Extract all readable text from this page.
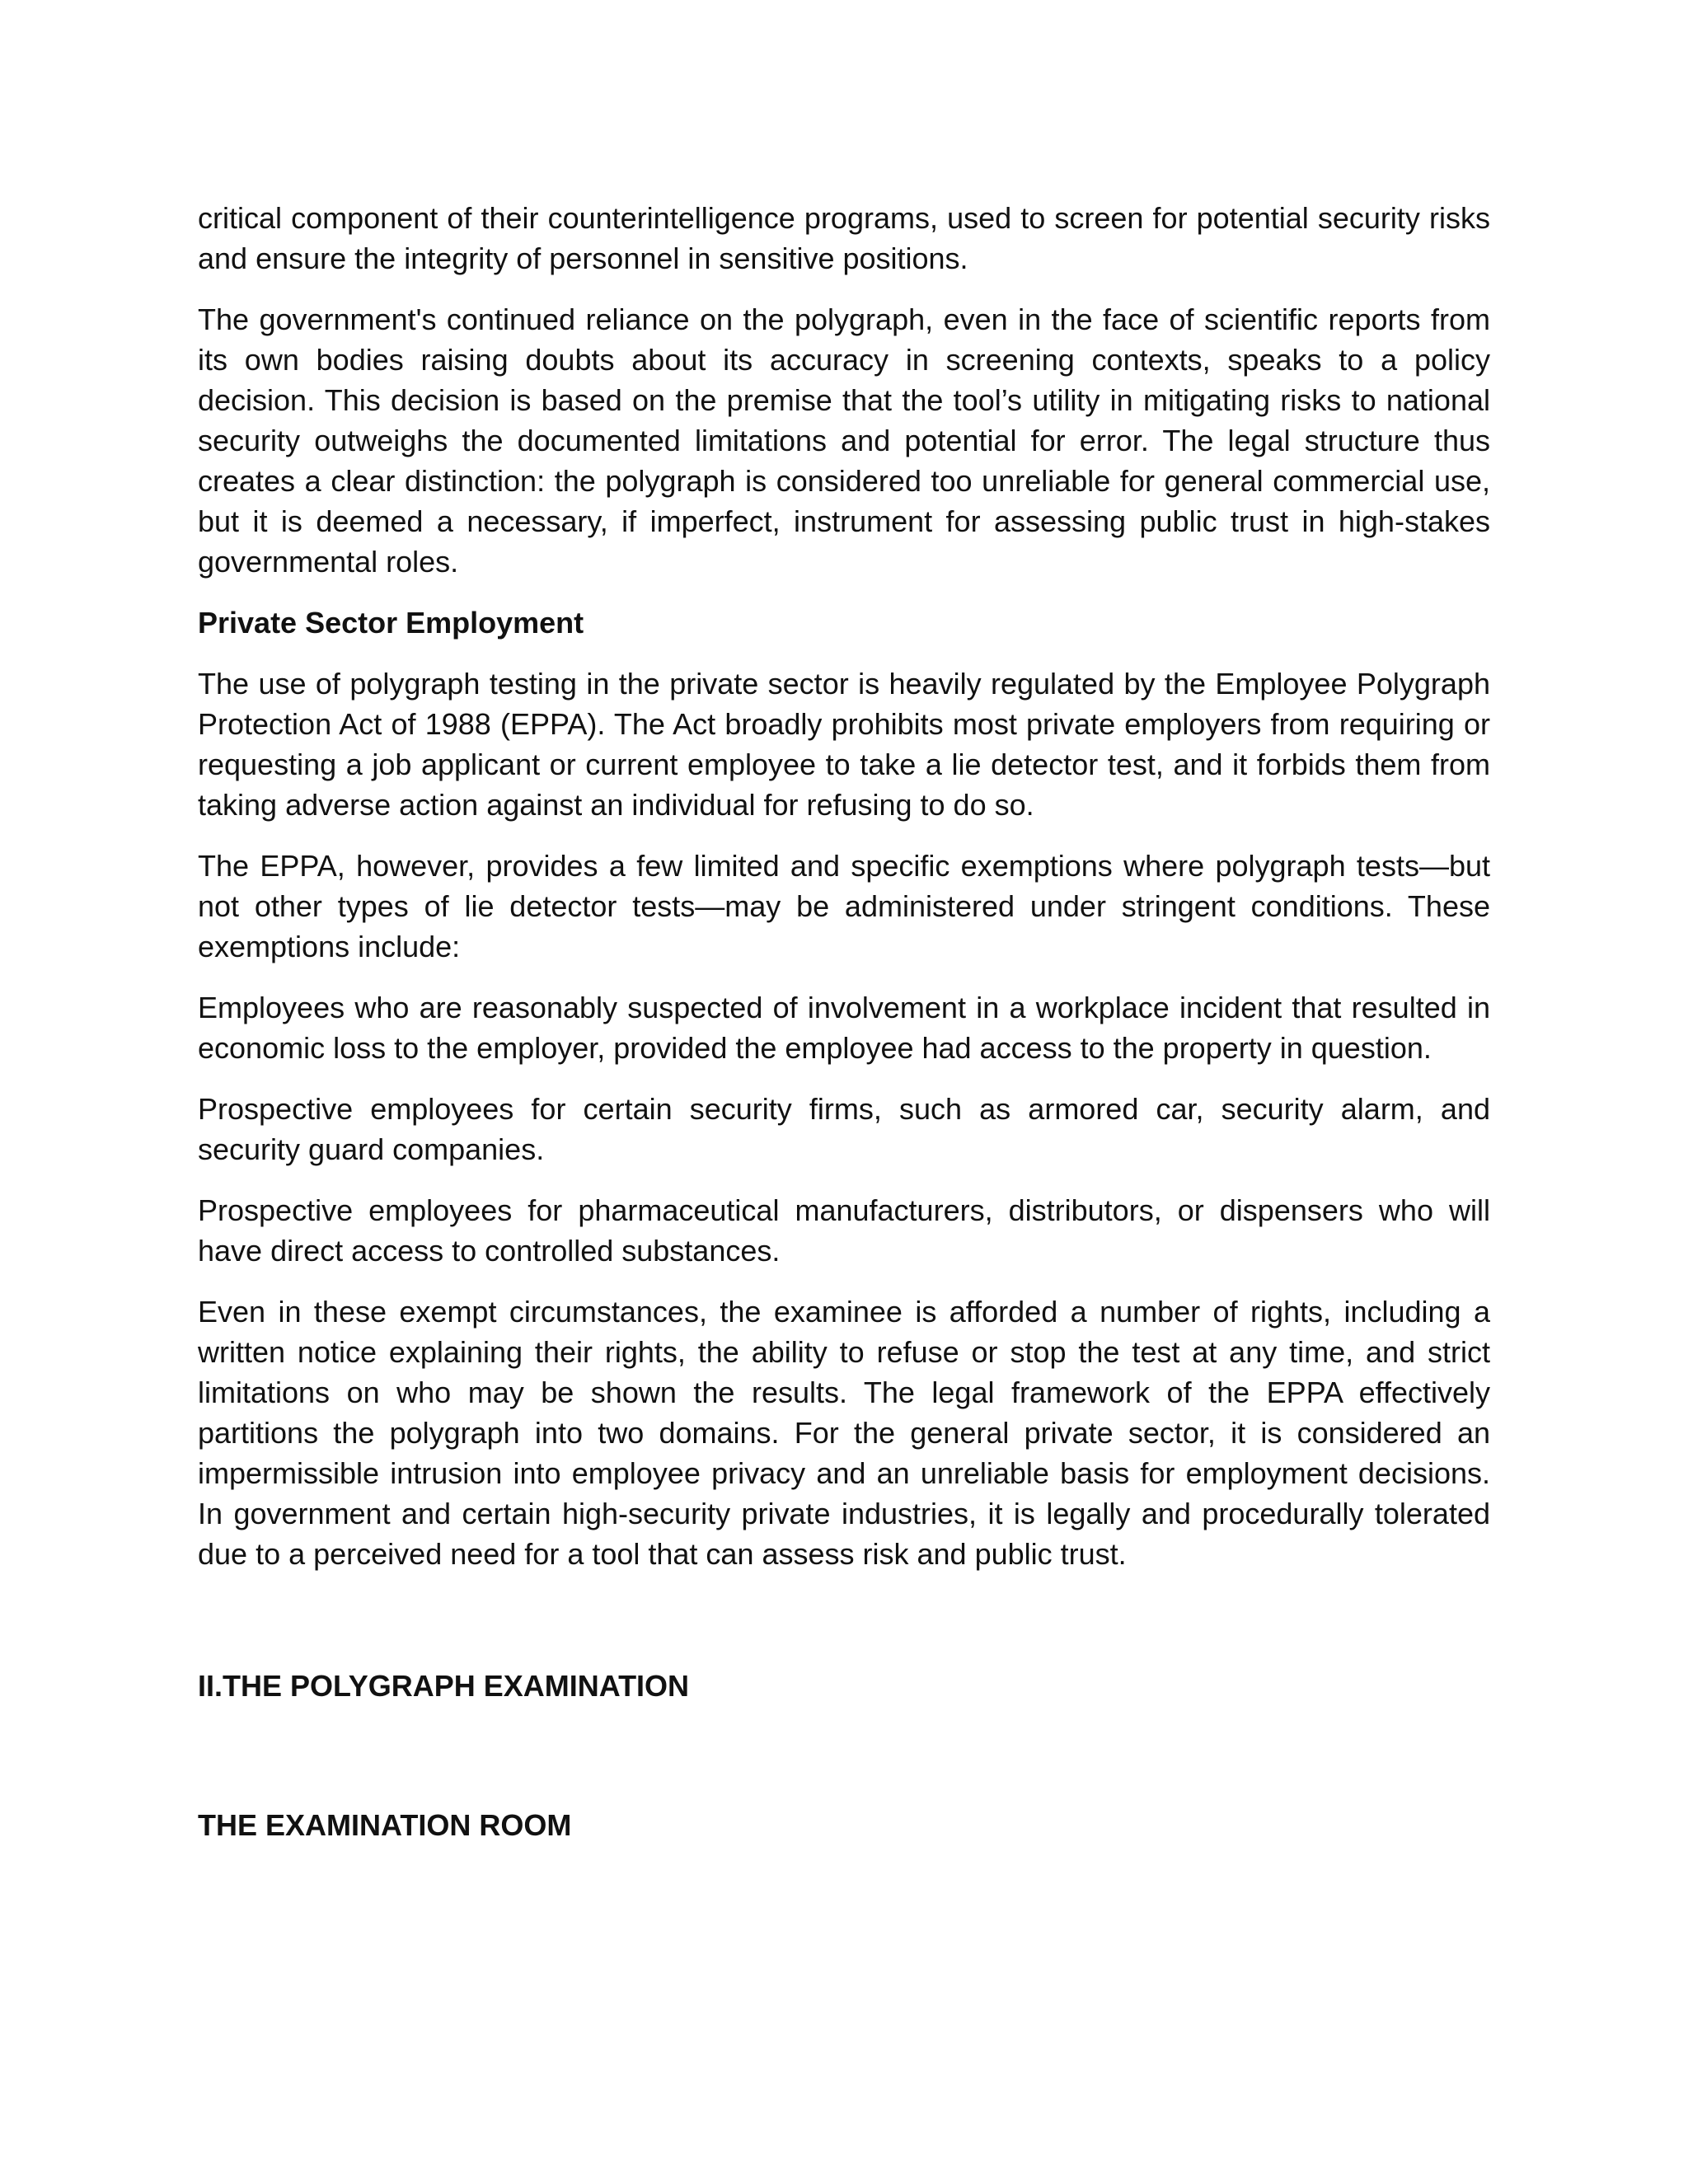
critical component of their counterintelligence programs, used to screen for potential security risks and ensure the integrity of personnel in sensitive positions.

The government's continued reliance on the polygraph, even in the face of scientific reports from its own bodies raising doubts about its accuracy in screening contexts, speaks to a policy decision. This decision is based on the premise that the tool’s utility in mitigating risks to national security outweighs the documented limitations and potential for error. The legal structure thus creates a clear distinction: the polygraph is considered too unreliable for general commercial use, but it is deemed a necessary, if imperfect, instrument for assessing public trust in high-stakes governmental roles.

Private Sector Employment

The use of polygraph testing in the private sector is heavily regulated by the Employee Polygraph Protection Act of 1988 (EPPA). The Act broadly prohibits most private employers from requiring or requesting a job applicant or current employee to take a lie detector test, and it forbids them from taking adverse action against an individual for refusing to do so.

The EPPA, however, provides a few limited and specific exemptions where polygraph tests—but not other types of lie detector tests—may be administered under stringent conditions. These exemptions include:

Employees who are reasonably suspected of involvement in a workplace incident that resulted in economic loss to the employer, provided the employee had access to the property in question.

Prospective employees for certain security firms, such as armored car, security alarm, and security guard companies.

Prospective employees for pharmaceutical manufacturers, distributors, or dispensers who will have direct access to controlled substances.

Even in these exempt circumstances, the examinee is afforded a number of rights, including a written notice explaining their rights, the ability to refuse or stop the test at any time, and strict limitations on who may be shown the results. The legal framework of the EPPA effectively partitions the polygraph into two domains. For the general private sector, it is considered an impermissible intrusion into employee privacy and an unreliable basis for employment decisions. In government and certain high-security private industries, it is legally and procedurally tolerated due to a perceived need for a tool that can assess risk and public trust.

II.THE POLYGRAPH EXAMINATION
THE EXAMINATION ROOM
